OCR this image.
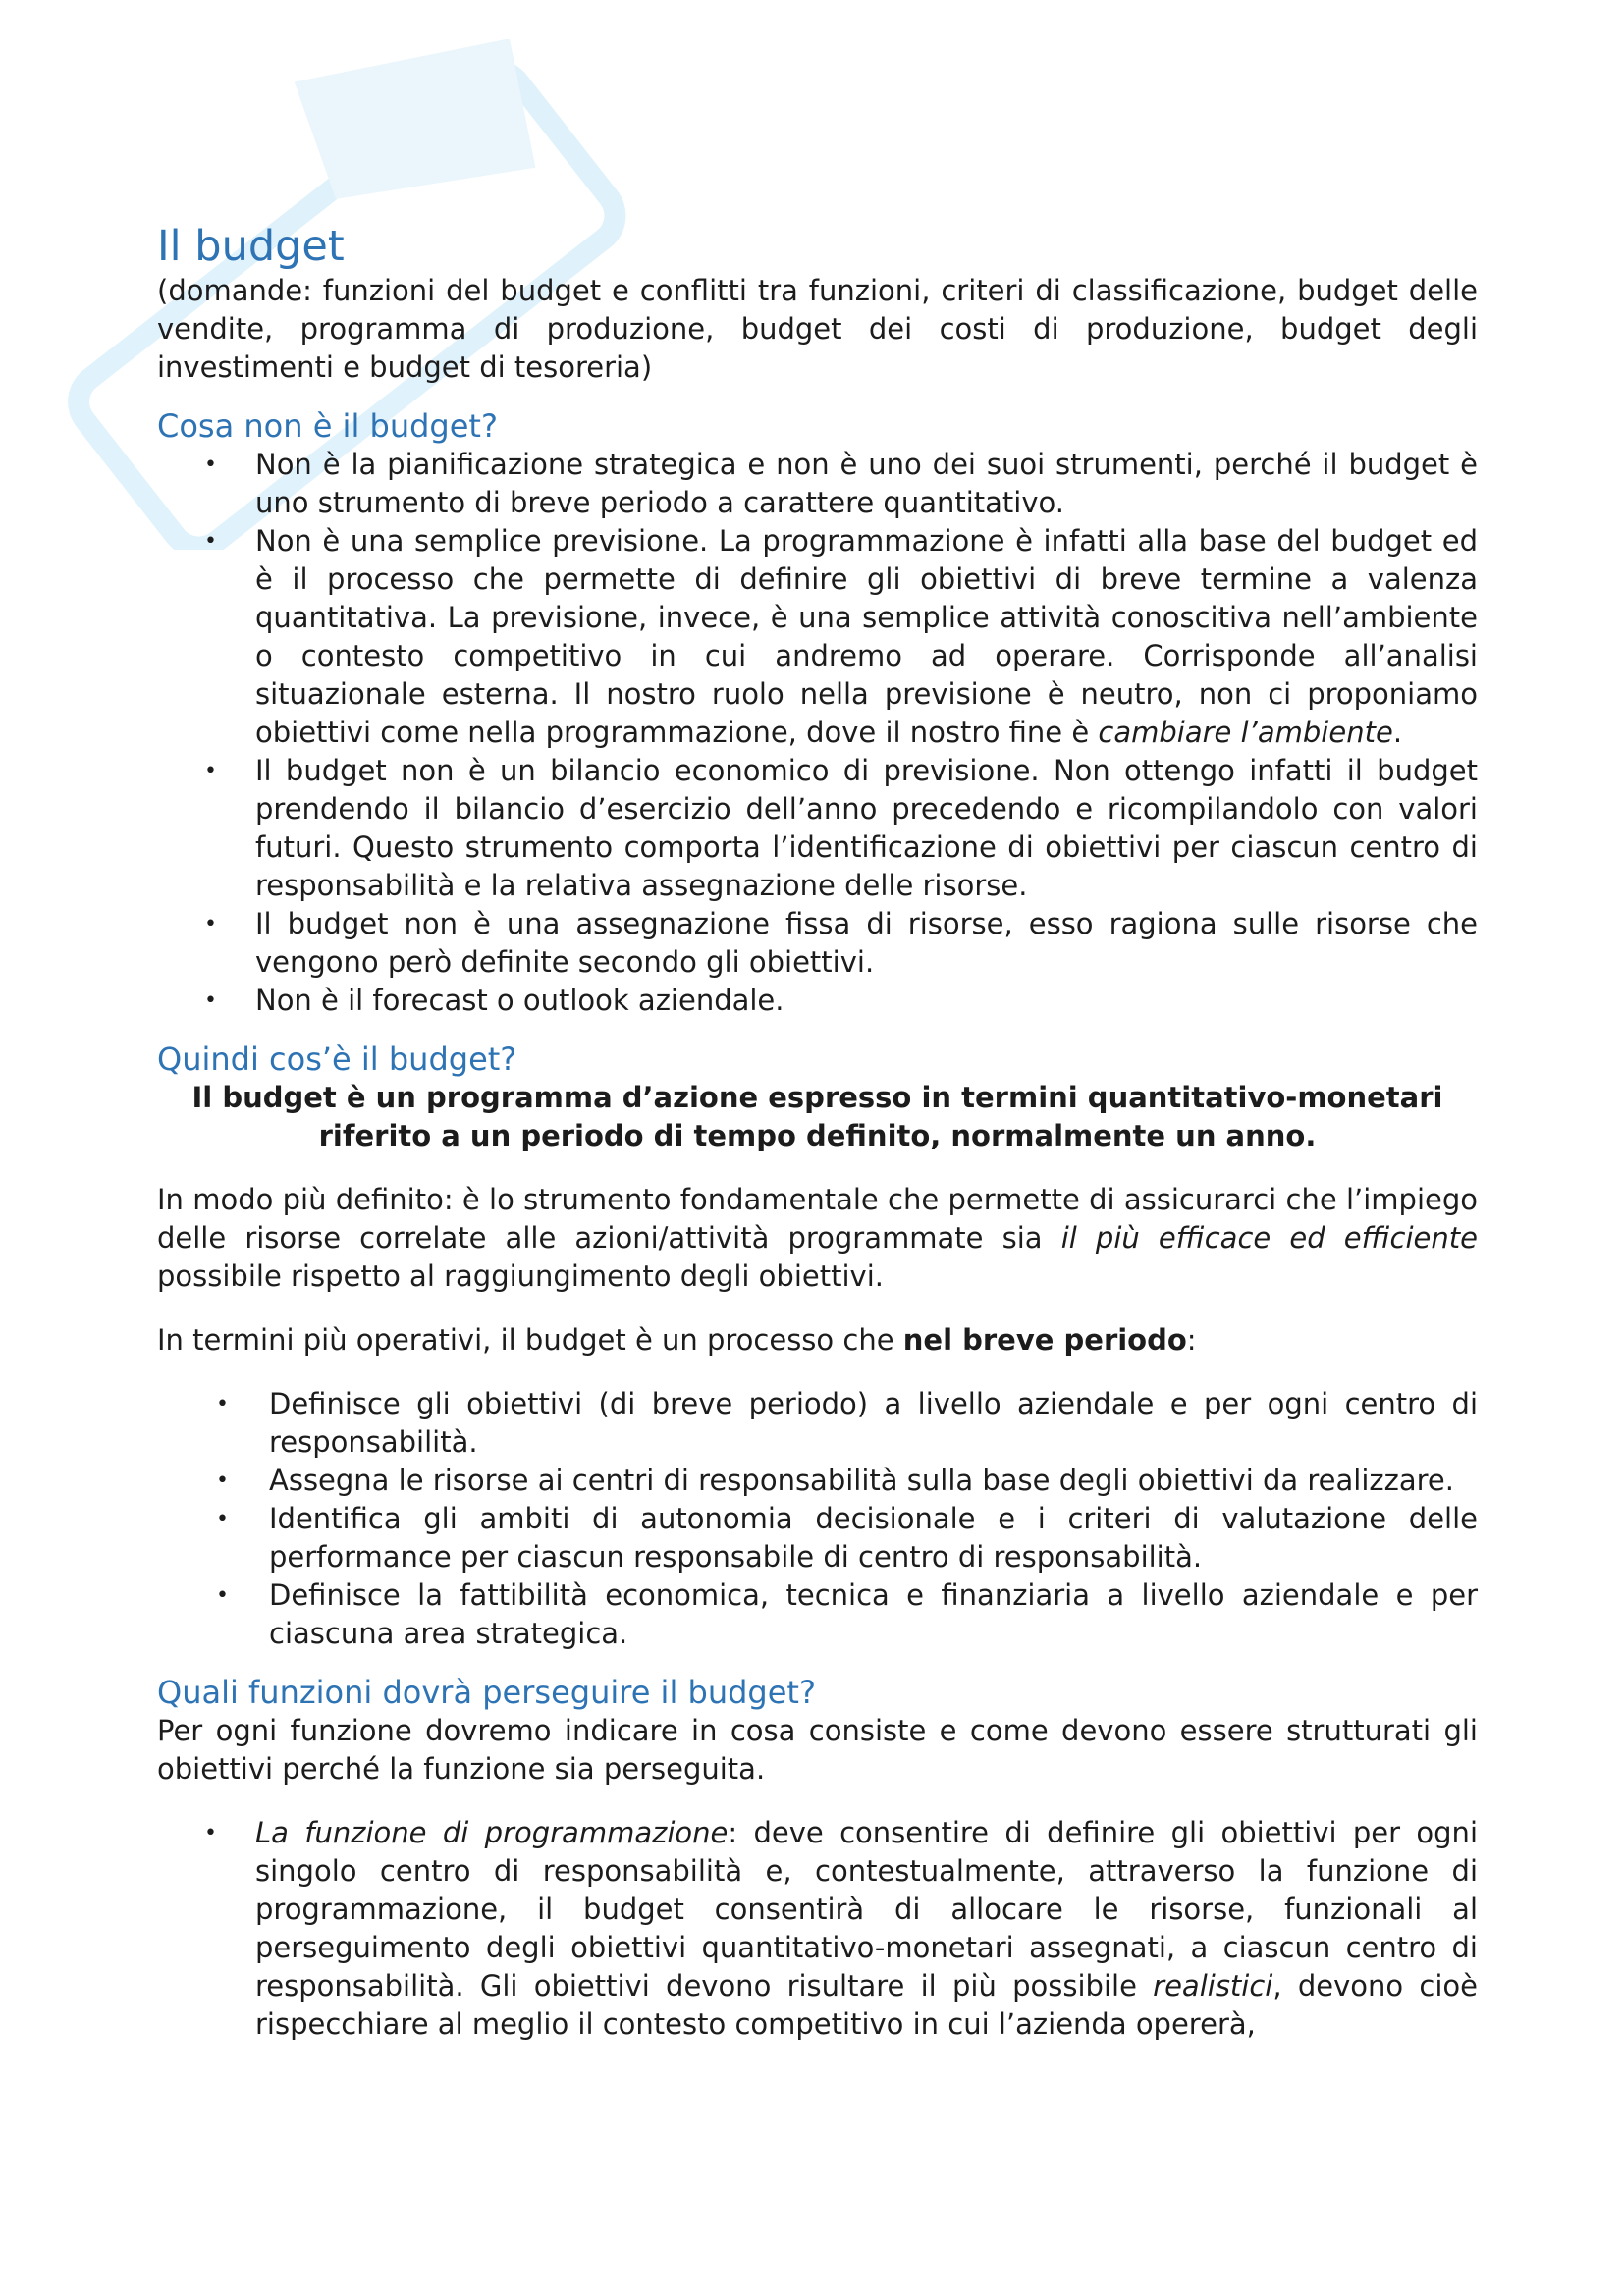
Il budget

(domande: funzioni del budget e conflitti tra funzioni, criteri di classificazione, budget delle vendite, programma di produzione, budget dei costi di produzione, budget degli investimenti e budget di tesoreria)

Cosa non è il budget?
• Non è la pianificazione strategica e non è uno dei suoi strumenti, perché il budget è uno strumento di breve periodo a carattere quantitativo.
• Non è una semplice previsione. La programmazione è infatti alla base del budget ed è il processo che permette di definire gli obiettivi di breve termine a valenza quantitativa. La previsione, invece, è una semplice attività conoscitiva nell’ambiente o contesto competitivo in cui andremo ad operare. Corrisponde all’analisi situazionale esterna. Il nostro ruolo nella previsione è neutro, non ci proponiamo obiettivi come nella programmazione, dove il nostro fine è cambiare l’ambiente.
• Il budget non è un bilancio economico di previsione. Non ottengo infatti il budget prendendo il bilancio d’esercizio dell’anno precedendo e ricompilandolo con valori futuri. Questo strumento comporta l’identificazione di obiettivi per ciascun centro di responsabilità e la relativa assegnazione delle risorse.
• Il budget non è una assegnazione fissa di risorse, esso ragiona sulle risorse che vengono però definite secondo gli obiettivi.
• Non è il forecast o outlook aziendale.
Quindi cos’è il budget?

Il budget è un programma d’azione espresso in termini quantitativo-monetari riferito a un periodo di tempo definito, normalmente un anno.

In modo più definito: è lo strumento fondamentale che permette di assicurarci che l’impiego delle risorse correlate alle azioni/attività programmate sia il più efficace ed efficiente possibile rispetto al raggiungimento degli obiettivi.

In termini più operativi, il budget è un processo che nel breve periodo:

• Definisce gli obiettivi (di breve periodo) a livello aziendale e per ogni centro di responsabilità.
• Assegna le risorse ai centri di responsabilità sulla base degli obiettivi da realizzare.
• Identifica gli ambiti di autonomia decisionale e i criteri di valutazione delle performance per ciascun responsabile di centro di responsabilità.
• Definisce la fattibilità economica, tecnica e finanziaria a livello aziendale e per ciascuna area strategica.
Quali funzioni dovrà perseguire il budget?

Per ogni funzione dovremo indicare in cosa consiste e come devono essere strutturati gli obiettivi perché la funzione sia perseguita.

• La funzione di programmazione: deve consentire di definire gli obiettivi per ogni singolo centro di responsabilità e, contestualmente, attraverso la funzione di programmazione, il budget consentirà di allocare le risorse, funzionali al perseguimento degli obiettivi quantitativo-monetari assegnati, a ciascun centro di responsabilità. Gli obiettivi devono risultare il più possibile realistici, devono cioè rispecchiare al meglio il contesto competitivo in cui l’azienda opererà,
